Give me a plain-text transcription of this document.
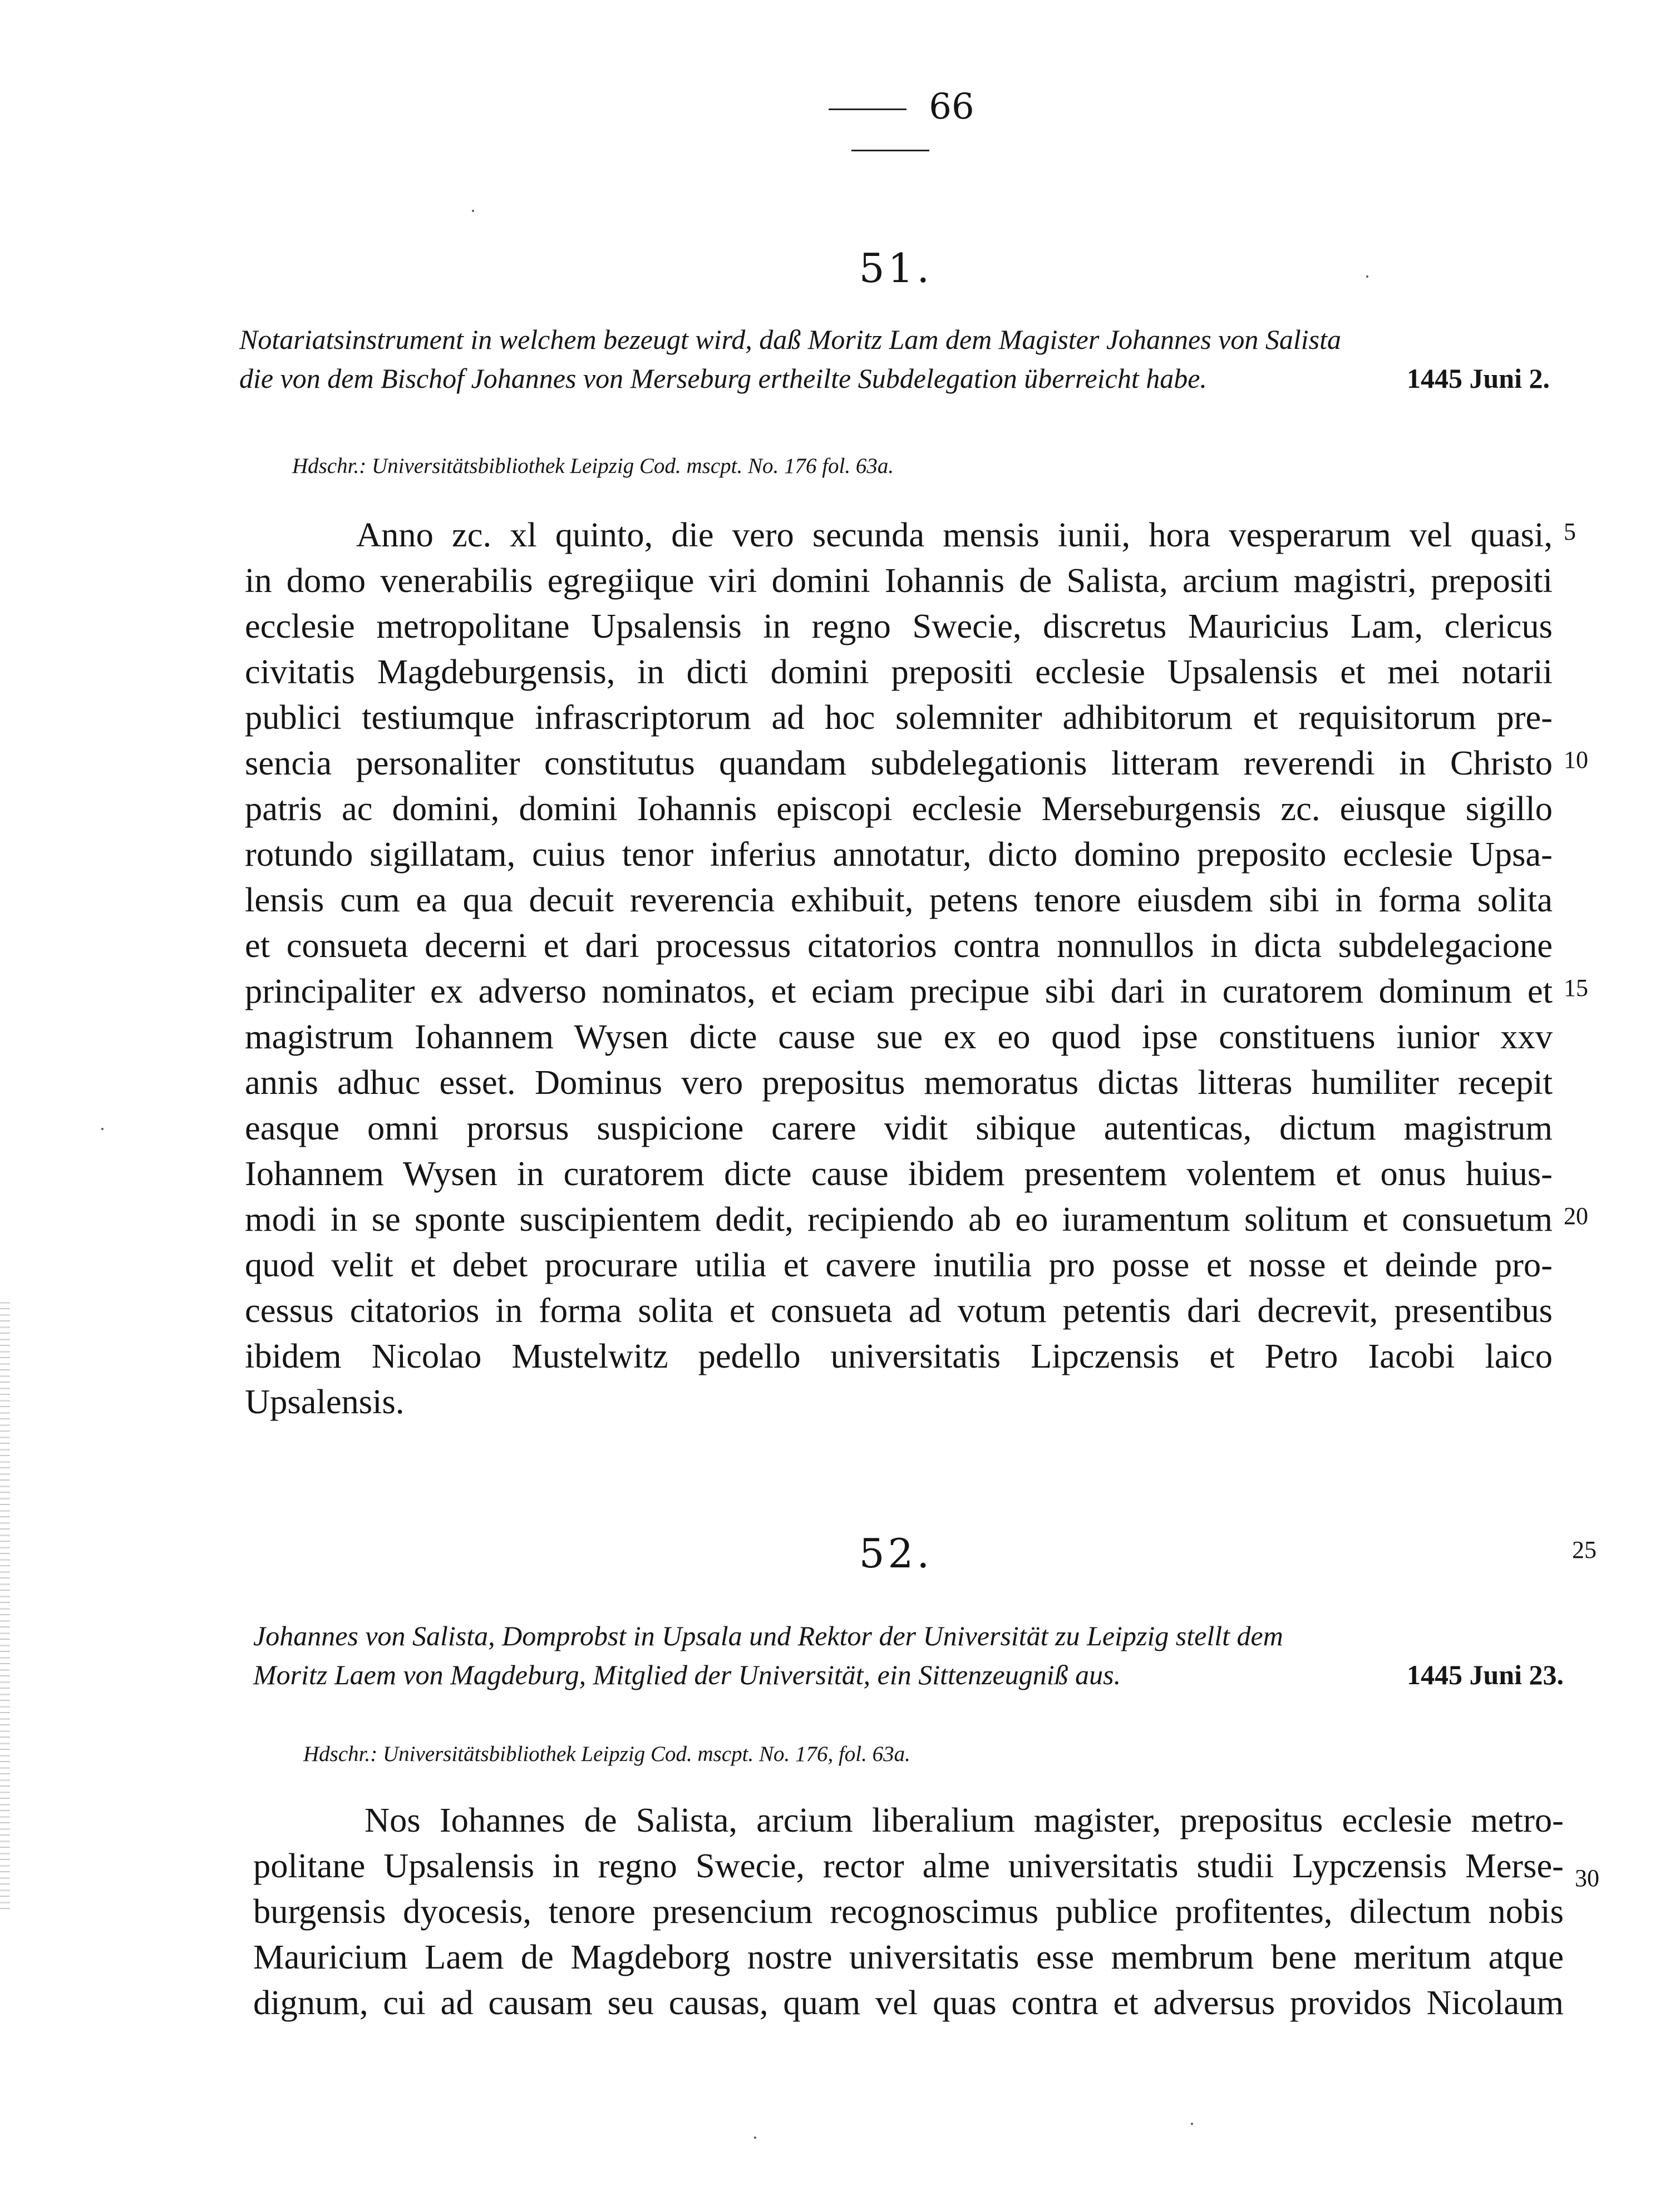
66
51.
Notariatsinstrument in welchem bezeugt wird, daß Moritz Lam dem Magister Johannes von Salista
die von dem Bischof Johannes von Merseburg ertheilte Subdelegation überreicht habe.	1445 Juni 2.
Hdschr.: Universitätsbibliothek Leipzig Cod. mscpt. No. 176 fol. 63a.
Anno zc. xl quinto, die vero secunda mensis iunii, hora vesperarum vel quasi,
in domo venerabilis egregiique viri domini Iohannis de Salista, arcium magistri, prepositi
ecclesie metropolitane Upsalensis in regno Swecie, discretus Mauricius Lam, clericus
civitatis Magdeburgensis, in dicti domini prepositi ecclesie Upsalensis et mei notarii
publici testiumque infrascriptorum ad hoc solemniter adhibitorum et requisitorum pre-
sencia personaliter constitutus quandam subdelegationis litteram reverendi in Christo
patris ac domini, domini Iohannis episcopi ecclesie Merseburgensis zc. eiusque sigillo
rotundo sigillatam, cuius tenor inferius annotatur, dicto domino preposito ecclesie Upsa-
lensis cum ea qua decuit reverencia exhibuit, petens tenore eiusdem sibi in forma solita
et consueta decerni et dari processus citatorios contra nonnullos in dicta subdelegacione
principaliter ex adverso nominatos, et eciam precipue sibi dari in curatorem dominum et
magistrum Iohannem Wysen dicte cause sue ex eo quod ipse constituens iunior xxv
annis adhuc esset. Dominus vero prepositus memoratus dictas litteras humiliter recepit
easque omni prorsus suspicione carere vidit sibique autenticas, dictum magistrum
Iohannem Wysen in curatorem dicte cause ibidem presentem volentem et onus huius-
modi in se sponte suscipientem dedit, recipiendo ab eo iuramentum solitum et consuetum
quod velit et debet procurare utilia et cavere inutilia pro posse et nosse et deinde pro-
cessus citatorios in forma solita et consueta ad votum petentis dari decrevit, presentibus
ibidem Nicolao Mustelwitz pedello universitatis Lipczensis et Petro Iacobi laico
Upsalensis.
52.
Johannes von Salista, Domprobst in Upsala und Rektor der Universität zu Leipzig stellt dem
Moritz Laem von Magdeburg, Mitglied der Universität, ein Sittenzeugniß aus.	1445 Juni 23.
Hdschr.: Universitätsbibliothek Leipzig Cod. mscpt. No. 176, fol. 63a.
Nos Iohannes de Salista, arcium liberalium magister, prepositus ecclesie metro-
politane Upsalensis in regno Swecie, rector alme universitatis studii Lypczensis Merse-
burgensis dyocesis, tenore presencium recognoscimus publice profitentes, dilectum nobis
Mauricium Laem de Magdeborg nostre universitatis esse membrum bene meritum atque
dignum, cui ad causam seu causas, quam vel quas contra et adversus providos Nicolaum
5
10
15
20
25
30
